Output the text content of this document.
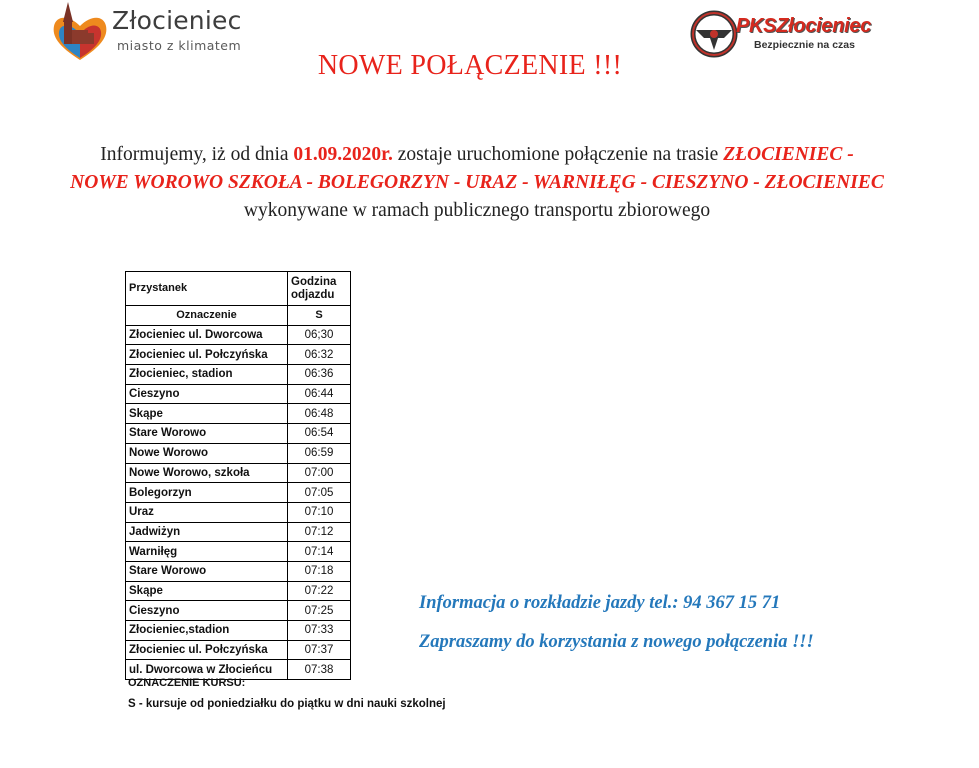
Złocieniec
miasto z klimatem
PKSZłocieniec
Bezpiecznie na czas
NOWE POŁĄCZENIE !!!
Informujemy, iż od dnia 01.09.2020r. zostaje uruchomione połączenie na trasie ZŁOCIENIEC -
NOWE WOROWO SZKOŁA - BOLEGORZYN - URAZ - WARNIŁĘG - CIESZYNO - ZŁOCIENIEC
wykonywane w ramach publicznego transportu zbiorowego
Przystanek	Godzina odjazdu
Oznaczenie	S
Złocieniec ul. Dworcowa	06;30
Złocieniec ul. Połczyńska	06:32
Złocieniec, stadion	06:36
Cieszyno	06:44
Skąpe	06:48
Stare Worowo	06:54
Nowe Worowo	06:59
Nowe Worowo, szkoła	07:00
Bolegorzyn	07:05
Uraz	07:10
Jadwiżyn	07:12
Warniłęg	07:14
Stare Worowo	07:18
Skąpe	07:22
Cieszyno	07:25
Złocieniec,stadion	07:33
Złocieniec ul. Połczyńska	07:37
ul. Dworcowa w Złocieńcu	07:38
OZNACZENIE KURSU:
S - kursuje od poniedziałku do piątku w dni nauki szkolnej
Informacja o rozkładzie jazdy tel.: 94 367 15 71
Zapraszamy do korzystania z nowego połączenia !!!
